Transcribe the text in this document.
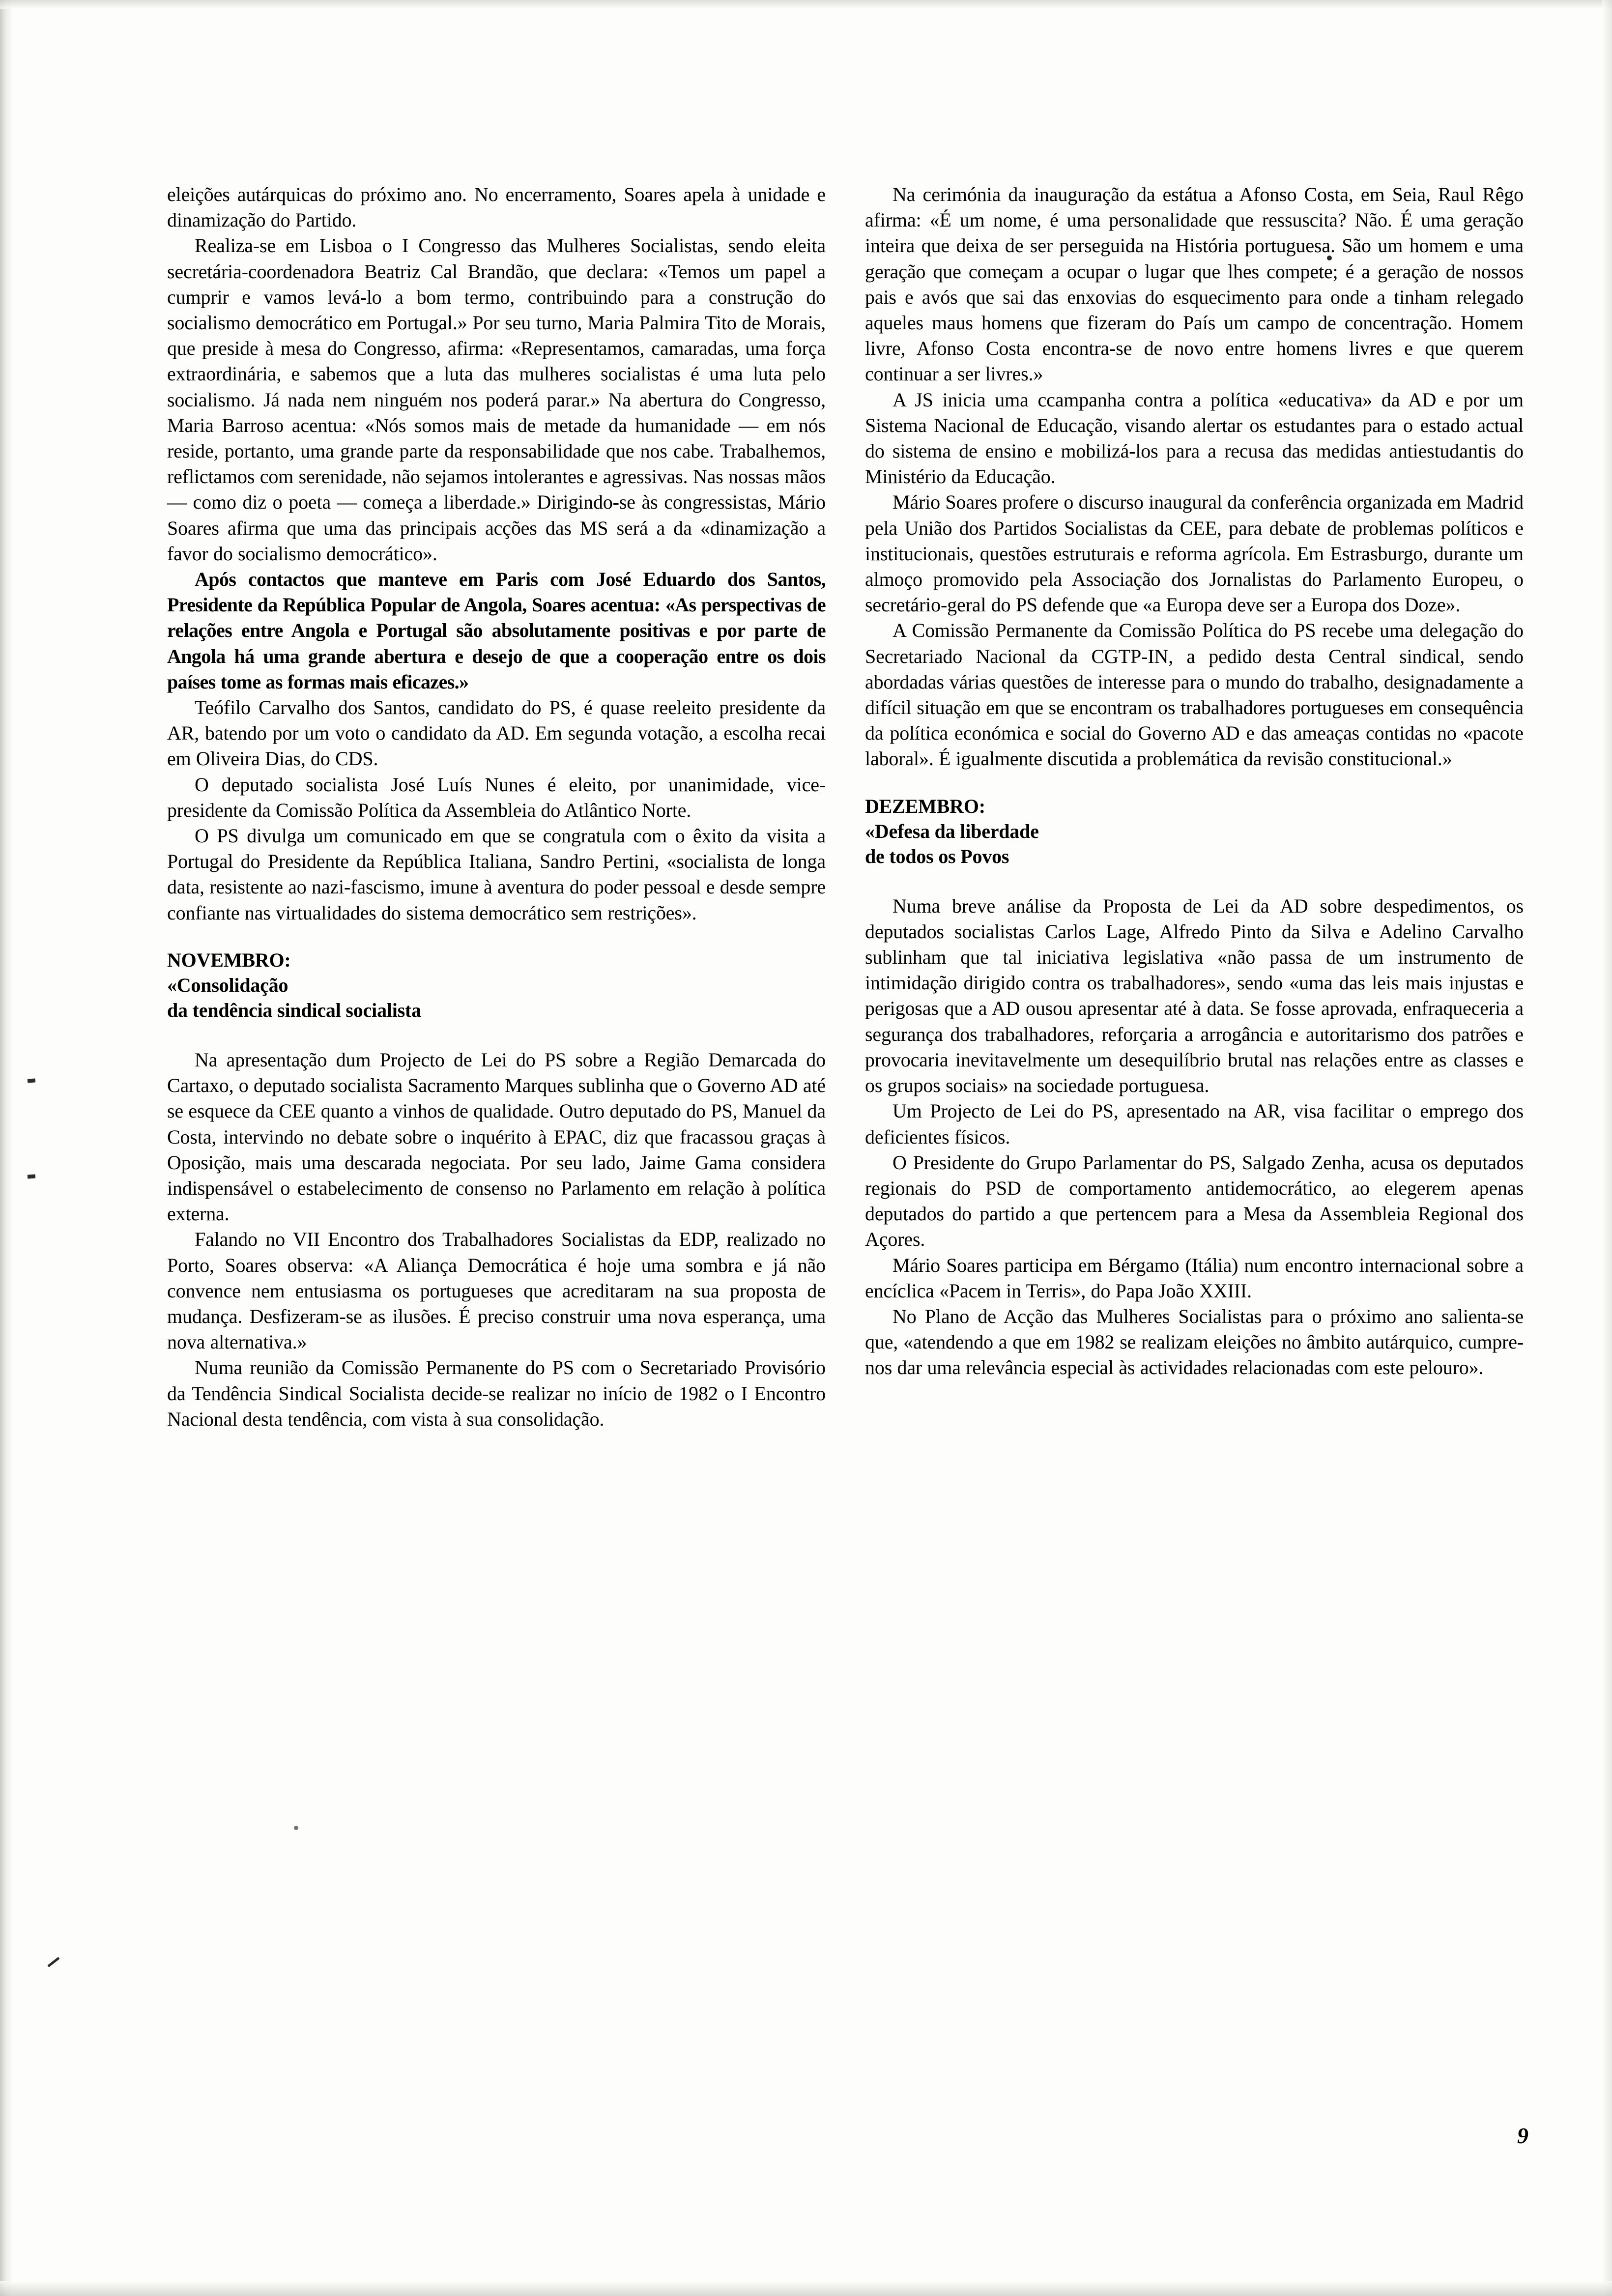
eleições autárquicas do próximo ano. No encerramento, Soares apela à unidade e dinamização do Partido.

Realiza-se em Lisboa o I Congresso das Mulheres Socialistas, sendo eleita secretária-coordenadora Beatriz Cal Brandão, que declara: «Temos um papel a cumprir e vamos levá-lo a bom termo, contribuindo para a construção do socialismo democrático em Portugal.» Por seu turno, Maria Palmira Tito de Morais, que preside à mesa do Congresso, afirma: «Representamos, camaradas, uma força extraordinária, e sabemos que a luta das mulheres socialistas é uma luta pelo socialismo. Já nada nem ninguém nos poderá parar.» Na abertura do Congresso, Maria Barroso acentua: «Nós somos mais de metade da humanidade — em nós reside, portanto, uma grande parte da responsabilidade que nos cabe. Trabalhemos, reflictamos com serenidade, não sejamos intolerantes e agressivas. Nas nossas mãos — como diz o poeta — começa a liberdade.» Dirigindo-se às congressistas, Mário Soares afirma que uma das principais acções das MS será a da «dinamização a favor do socialismo democrático».

Após contactos que manteve em Paris com José Eduardo dos Santos, Presidente da República Popular de Angola, Soares acentua: «As perspectivas de relações entre Angola e Portugal são absolutamente positivas e por parte de Angola há uma grande abertura e desejo de que a cooperação entre os dois países tome as formas mais eficazes.»

Teófilo Carvalho dos Santos, candidato do PS, é quase reeleito presidente da AR, batendo por um voto o candidato da AD. Em segunda votação, a escolha recai em Oliveira Dias, do CDS.

O deputado socialista José Luís Nunes é eleito, por unanimidade, vice-presidente da Comissão Política da Assembleia do Atlântico Norte.

O PS divulga um comunicado em que se congratula com o êxito da visita a Portugal do Presidente da República Italiana, Sandro Pertini, «socialista de longa data, resistente ao nazi-fascismo, imune à aventura do poder pessoal e desde sempre confiante nas virtualidades do sistema democrático sem restrições».

NOVEMBRO:
«Consolidação
da tendência sindical socialista

Na apresentação dum Projecto de Lei do PS sobre a Região Demarcada do Cartaxo, o deputado socialista Sacramento Marques sublinha que o Governo AD até se esquece da CEE quanto a vinhos de qualidade. Outro deputado do PS, Manuel da Costa, intervindo no debate sobre o inquérito à EPAC, diz que fracassou graças à Oposição, mais uma descarada negociata. Por seu lado, Jaime Gama considera indispensável o estabelecimento de consenso no Parlamento em relação à política externa.

Falando no VII Encontro dos Trabalhadores Socialistas da EDP, realizado no Porto, Soares observa: «A Aliança Democrática é hoje uma sombra e já não convence nem entusiasma os portugueses que acreditaram na sua proposta de mudança. Desfizeram-se as ilusões. É preciso construir uma nova esperança, uma nova alternativa.»

Numa reunião da Comissão Permanente do PS com o Secretariado Provisório da Tendência Sindical Socialista decide-se realizar no início de 1982 o I Encontro Nacional desta tendência, com vista à sua consolidação.

Na cerimónia da inauguração da estátua a Afonso Costa, em Seia, Raul Rêgo afirma: «É um nome, é uma personalidade que ressuscita? Não. É uma geração inteira que deixa de ser perseguida na História portuguesa. São um homem e uma geração que começam a ocupar o lugar que lhes compete; é a geração de nossos pais e avós que sai das enxovias do esquecimento para onde a tinham relegado aqueles maus homens que fizeram do País um campo de concentração. Homem livre, Afonso Costa encontra-se de novo entre homens livres e que querem continuar a ser livres.»

A JS inicia uma ccampanha contra a política «educativa» da AD e por um Sistema Nacional de Educação, visando alertar os estudantes para o estado actual do sistema de ensino e mobilizá-los para a recusa das medidas antiestudantis do Ministério da Educação.

Mário Soares profere o discurso inaugural da conferência organizada em Madrid pela União dos Partidos Socialistas da CEE, para debate de problemas políticos e institucionais, questões estruturais e reforma agrícola. Em Estrasburgo, durante um almoço promovido pela Associação dos Jornalistas do Parlamento Europeu, o secretário-geral do PS defende que «a Europa deve ser a Europa dos Doze».

A Comissão Permanente da Comissão Política do PS recebe uma delegação do Secretariado Nacional da CGTP-IN, a pedido desta Central sindical, sendo abordadas várias questões de interesse para o mundo do trabalho, designadamente a difícil situação em que se encontram os trabalhadores portugueses em consequência da política económica e social do Governo AD e das ameaças contidas no «pacote laboral». É igualmente discutida a problemática da revisão constitucional.»

DEZEMBRO:
«Defesa da liberdade
de todos os Povos

Numa breve análise da Proposta de Lei da AD sobre despedimentos, os deputados socialistas Carlos Lage, Alfredo Pinto da Silva e Adelino Carvalho sublinham que tal iniciativa legislativa «não passa de um instrumento de intimidação dirigido contra os trabalhadores», sendo «uma das leis mais injustas e perigosas que a AD ousou apresentar até à data. Se fosse aprovada, enfraqueceria a segurança dos trabalhadores, reforçaria a arrogância e autoritarismo dos patrões e provocaria inevitavelmente um desequilíbrio brutal nas relações entre as classes e os grupos sociais» na sociedade portuguesa.

Um Projecto de Lei do PS, apresentado na AR, visa facilitar o emprego dos deficientes físicos.

O Presidente do Grupo Parlamentar do PS, Salgado Zenha, acusa os deputados regionais do PSD de comportamento antidemocrático, ao elegerem apenas deputados do partido a que pertencem para a Mesa da Assembleia Regional dos Açores.

Mário Soares participa em Bérgamo (Itália) num encontro internacional sobre a encíclica «Pacem in Terris», do Papa João XXIII.

No Plano de Acção das Mulheres Socialistas para o próximo ano salienta-se que, «atendendo a que em 1982 se realizam eleições no âmbito autárquico, cumpre-nos dar uma relevância especial às actividades relacionadas com este pelouro».

9
